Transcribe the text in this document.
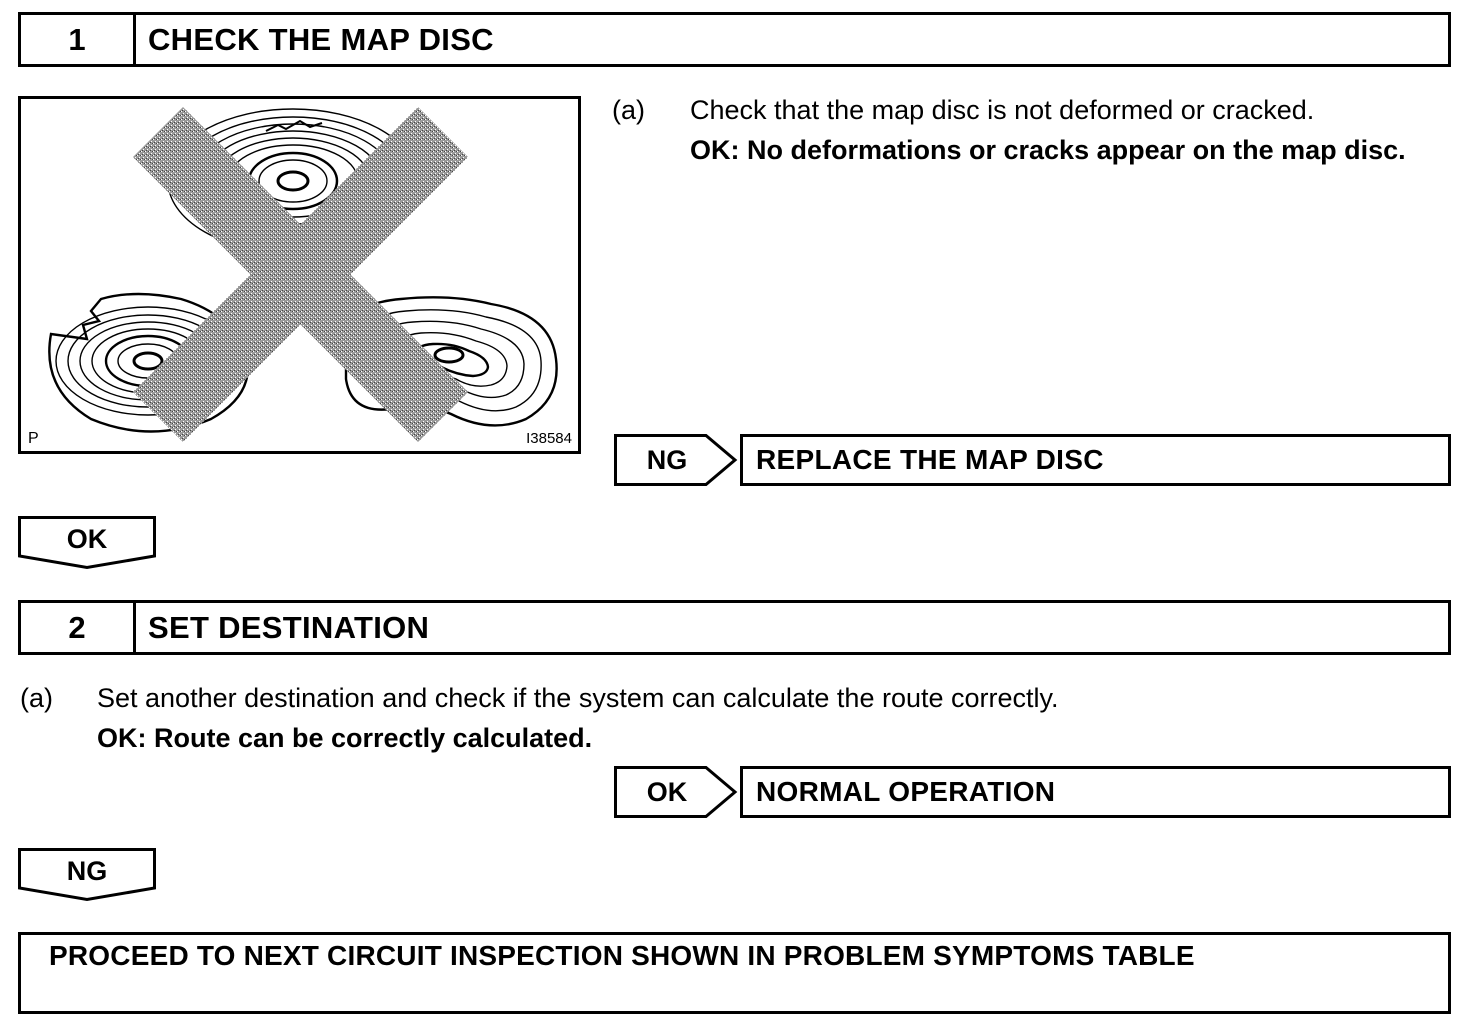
1	CHECK THE MAP DISC
P	I38584
(a) Check that the map disc is not deformed or cracked.
OK: No deformations or cracks appear on the map disc.
NG REPLACE THE MAP DISC
OK
2	SET DESTINATION
(a) Set another destination and check if the system can calculate the route correctly.
OK: Route can be correctly calculated.
OK NORMAL OPERATION
NG
PROCEED TO NEXT CIRCUIT INSPECTION SHOWN IN PROBLEM SYMPTOMS TABLE
